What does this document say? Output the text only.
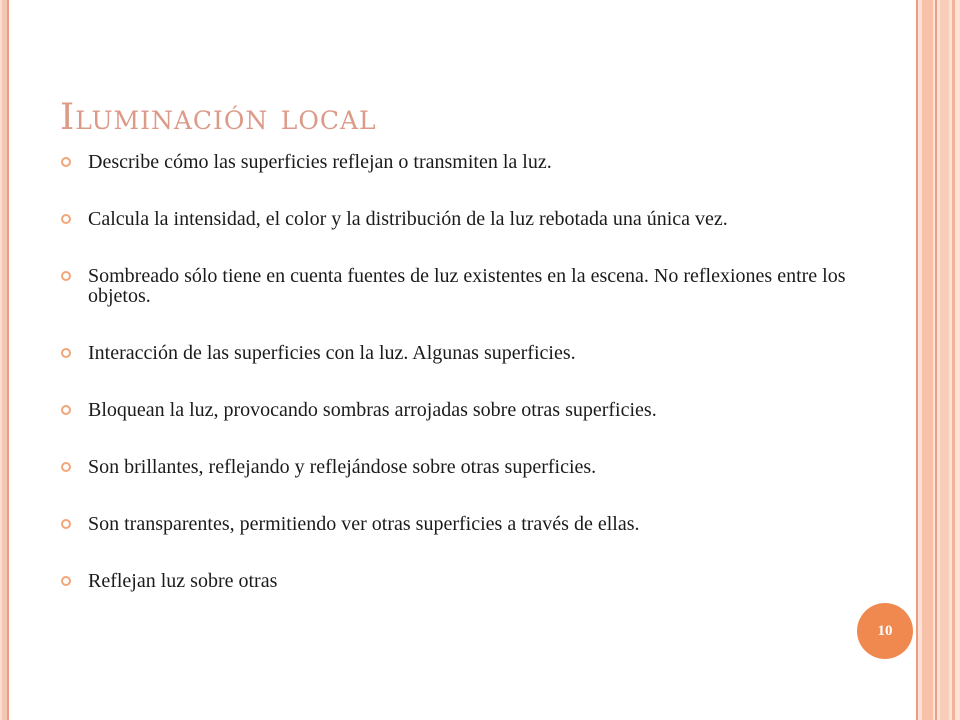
Iluminación local
Describe cómo las superficies reflejan o transmiten la luz.
Calcula la intensidad, el color y la distribución de la luz rebotada una única vez.
Sombreado sólo tiene en cuenta fuentes de luz existentes en la escena. No reflexiones entre los objetos.
Interacción de las superficies con la luz. Algunas superficies.
Bloquean la luz, provocando sombras arrojadas sobre otras superficies.
Son brillantes, reflejando y reflejándose sobre otras superficies.
Son transparentes, permitiendo ver otras superficies a través de ellas.
Reflejan luz sobre otras
10
